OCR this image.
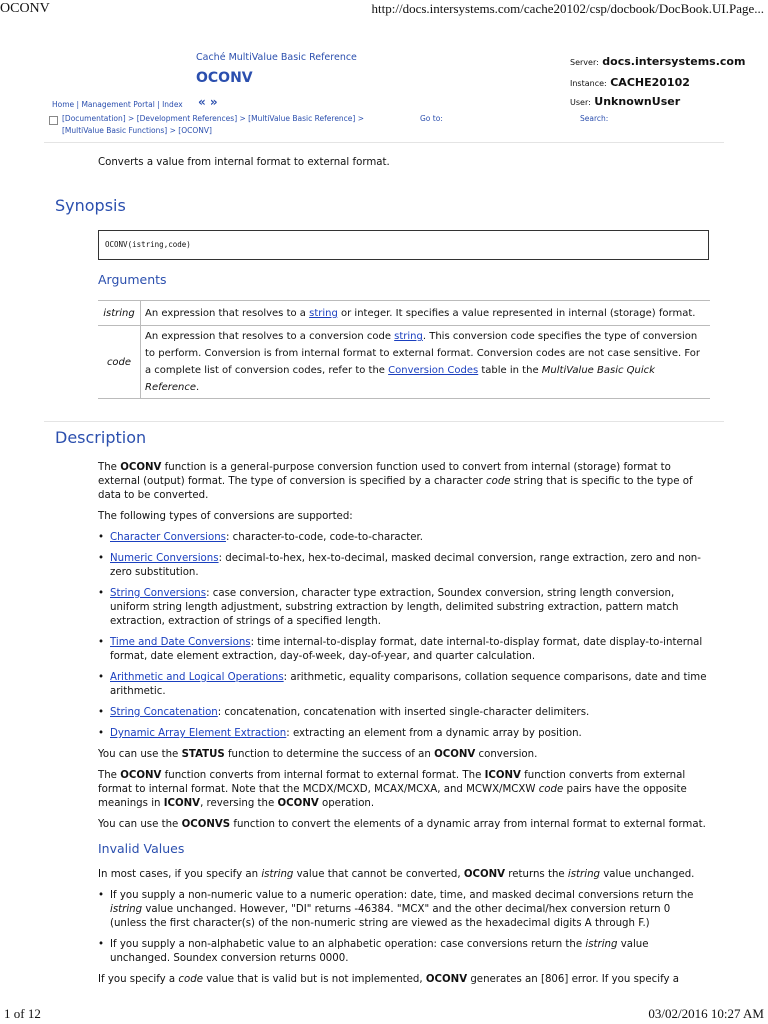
OCONV	http://docs.intersystems.com/cache20102/csp/docbook/DocBook.UI.Page...
Caché MultiValue Basic Reference
OCONV
« »
Server: docs.intersystems.com
Instance: CACHE20102
User: UnknownUser
Home | Management Portal | Index
[Documentation] > [Development References] > [MultiValue Basic Reference] >
[MultiValue Basic Functions] > [OCONV]
Go to:	Search:
Converts a value from internal format to external format.
Synopsis
OCONV(istring,code)
Arguments
istring	An expression that resolves to a string or integer. It specifies a value represented in internal (storage) format.
code	An expression that resolves to a conversion code string. This conversion code specifies the type of conversion to perform. Conversion is from internal format to external format. Conversion codes are not case sensitive. For a complete list of conversion codes, refer to the Conversion Codes table in the MultiValue Basic Quick Reference.
Description

The OCONV function is a general-purpose conversion function used to convert from internal (storage) format to external (output) format. The type of conversion is specified by a character code string that is specific to the type of data to be converted.

The following types of conversions are supported:

• Character Conversions: character-to-code, code-to-character.
• Numeric Conversions: decimal-to-hex, hex-to-decimal, masked decimal conversion, range extraction, zero and non-zero substitution.
• String Conversions: case conversion, character type extraction, Soundex conversion, string length conversion, uniform string length adjustment, substring extraction by length, delimited substring extraction, pattern match extraction, extraction of strings of a specified length.
• Time and Date Conversions: time internal-to-display format, date internal-to-display format, date display-to-internal format, date element extraction, day-of-week, day-of-year, and quarter calculation.
• Arithmetic and Logical Operations: arithmetic, equality comparisons, collation sequence comparisons, date and time arithmetic.
• String Concatenation: concatenation, concatenation with inserted single-character delimiters.
• Dynamic Array Element Extraction: extracting an element from a dynamic array by position.

You can use the STATUS function to determine the success of an OCONV conversion.

The OCONV function converts from internal format to external format. The ICONV function converts from external format to internal format. Note that the MCDX/MCXD, MCAX/MCXA, and MCWX/MCXW code pairs have the opposite meanings in ICONV, reversing the OCONV operation.

You can use the OCONVS function to convert the elements of a dynamic array from internal format to external format.

Invalid Values

In most cases, if you specify an istring value that cannot be converted, OCONV returns the istring value unchanged.

• If you supply a non-numeric value to a numeric operation: date, time, and masked decimal conversions return the istring value unchanged. However, "DI" returns -46384. "MCX" and the other decimal/hex conversion return 0 (unless the first character(s) of the non-numeric string are viewed as the hexadecimal digits A through F.)
• If you supply a non-alphabetic value to an alphabetic operation: case conversions return the istring value unchanged. Soundex conversion returns 0000.

If you specify a code value that is valid but is not implemented, OCONV generates an [806] error. If you specify a

1 of 12	03/02/2016 10:27 AM
